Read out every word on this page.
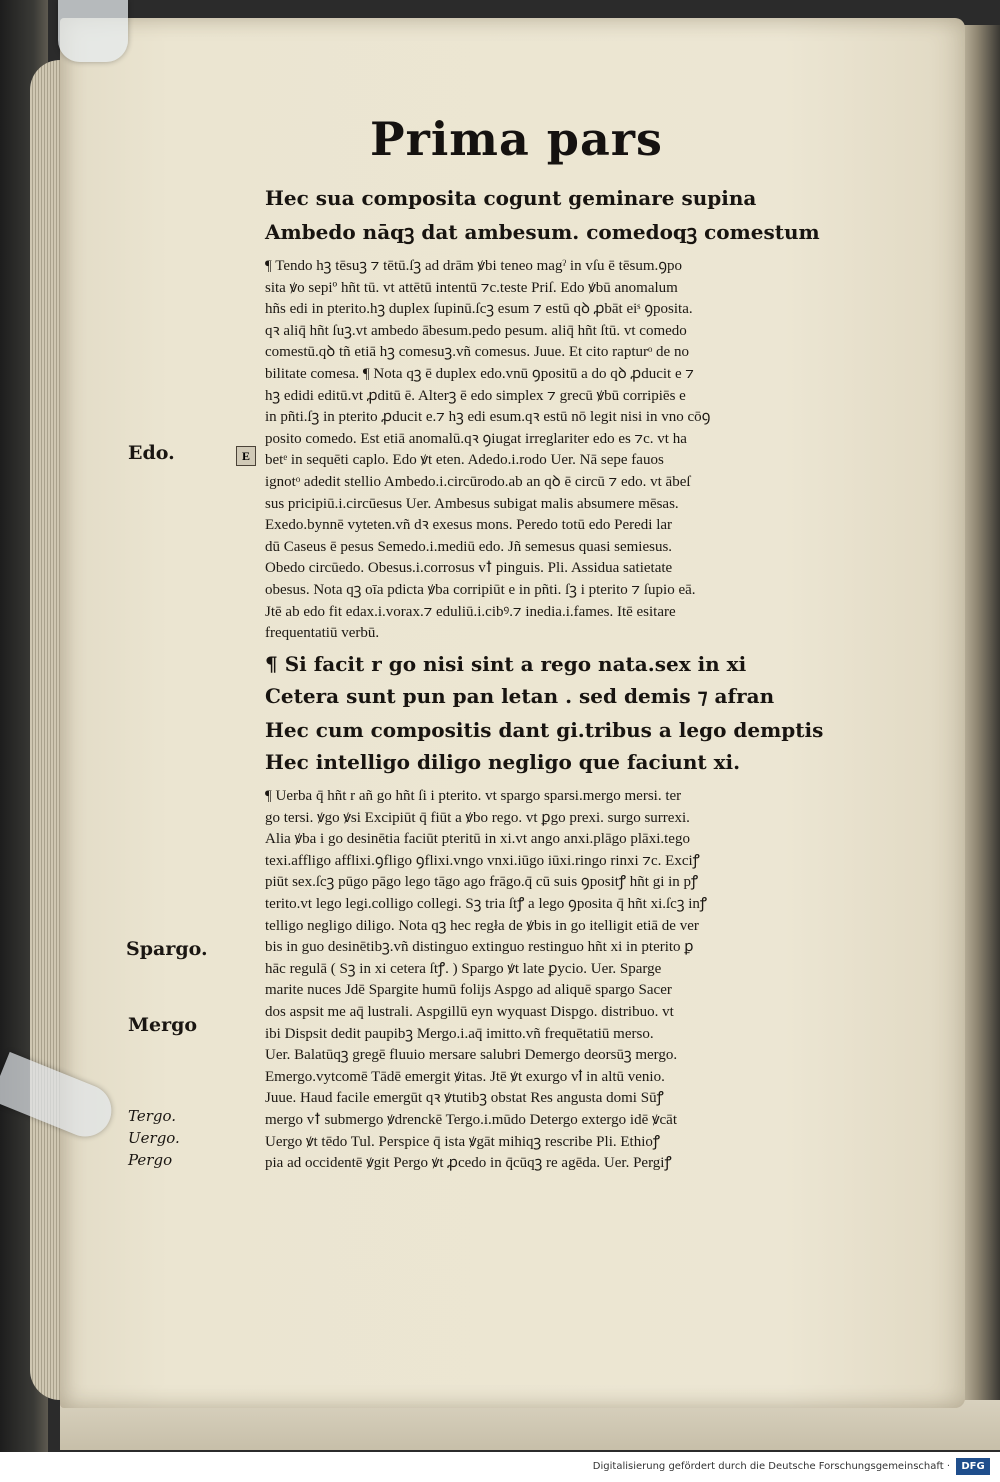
Prima pars
Hec sua composita cogunt geminare supina
Ambedo nāqꝫ dat ambesum. comedoqꝫ comestum
¶ Tendo hꝫ tēsuꝫ ⁊ tētū.ſꝫ ad drām ꝟbi teneo magˀ in vſu ē tēsum.ꝯpo
sita ꝟo sepiº hñt tū. vt attētū intentū ⁊c.teste Priſ. Edo ꝟbū anomalum
hñs edi in pterito.hꝫ duplex ſupinū.ſcꝫ esum ⁊ estū qꝺ ꝓbāt eiˢ ꝯposita.
qꝛ aliq̄ hñt ſuꝫ.vt ambedo ābesum.pedo pesum. aliq̄ hñt ſtū. vt comedo
comestū.qꝺ tñ etiā hꝫ comesuꝫ.vñ comesus. Juue. Et cito rapturᵒ de no
bilitate comesa. ¶ Nota qꝫ ē duplex edo.vnū ꝯpositū a do qꝺ ꝓducit e ⁊
hꝫ edidi editū.vt ꝓditū ē. Alterꝫ ē edo simplex ⁊ grecū ꝟbū corripiēs e
in pñti.ſꝫ in pterito ꝓducit e.⁊ hꝫ edi esum.qꝛ estū nō legit nisi in vno cōꝯ
posito comedo. Est etiā anomalū.qꝛ ꝯiugat irreglariter edo es ⁊c. vt ha
betᵉ in sequēti caplo. Edo ꝟt eten. Adedo.i.rodo Uer. Nā sepe fauos
ignotᵒ adedit stellio Ambedo.i.circūrodo.ab an qꝺ ē circū ⁊ edo. vt ābeſ
sus pricipiū.i.circūesus Uer. Ambesus subigat malis absumere mēsas.
Exedo.bynnē vyteten.vñ dꝛ exesus mons. Peredo totū edo Peredi lar
dū Caseus ē pesus Semedo.i.mediū edo. Jñ semesus quasi semiesus.
Obedo circūedo. Obesus.i.corrosus vꝉ pinguis. Pli. Assidua satietate
obesus. Nota qꝫ oīa pdicta ꝟba corripiūt e in pñti. ſꝫ i pterito ⁊ ſupio eā.
Jtē ab edo fit edax.i.vorax.⁊ eduliū.i.cibꝰ.⁊ inedia.i.fames. Itē esitare
frequentatiū verbū.
¶ Si facit r go nisi sint a rego nata.sex in xi
Cetera sunt pun pan letan . sed demis ⁊ afran
Hec cum compositis dant gi.tribus a lego demptis
Hec intelligo diligo negligo que faciunt xi.
¶ Uerba q̄ hñt r añ go hñt ſi i pterito. vt spargo sparsi.mergo mersi. ter
go tersi. ꝟgo ꝟsi Excipiūt q̄ fiūt a ꝟbo rego. vt ꝑgo prexi. surgo surrexi.
Alia ꝟba i go desinētia faciūt pteritū in xi.vt ango anxi.plāgo plāxi.tego
texi.affligo afflixi.ꝯfligo ꝯflixi.vngo vnxi.iūgo iūxi.ringo rinxi ⁊c. Exciꝭ
piūt sex.ſcꝫ pūgo pāgo lego tāgo ago frāgo.q̄ cū suis ꝯpositꝭ hñt gi in pꝭ
terito.vt lego legi.colligo collegi. Sꝫ tria ſtꝭ a lego ꝯposita q̄ hñt xi.ſcꝫ inꝭ
telligo negligo diligo. Nota qꝫ hec regła de ꝟbis in go itelligit etiā de ver
bis in guo desinētibꝫ.vñ distinguo extinguo restinguo hñt xi in pterito ꝑ
hāc regulā ( Sꝫ in xi cetera ſtꝭ. ) Spargo ꝟt late ꝑycio. Uer. Sparge
marite nuces Jdē Spargite humū folijs Aspgo ad aliquē spargo Sacer
dos aspsit me aq̄ lustrali. Aspgillū eyn wyquast Dispgo. distribuo. vt
ibi Dispsit dedit paupibꝫ Mergo.i.aq̄ imitto.vñ frequētatiū merso.
Uer. Balatūqꝫ gregē fluuio mersare salubri Demergo deorsūꝫ mergo.
Emergo.vytcomē Tādē emergit ꝟitas. Jtē ꝟt exurgo vꝉ in altū venio.
Juue. Haud facile emergūt qꝛ ꝟtutibꝫ obstat Res angusta domi Sūꝭ
mergo vꝉ submergo ꝟdrenckē Tergo.i.mūdo Detergo extergo idē ꝟcāt
Uergo ꝟt tēdo Tul. Perspice q̄ ista ꝟgāt mihiqꝫ rescribe Pli. Ethioꝭ
pia ad occidentē ꝟgit Pergo ꝟt ꝓcedo in q̄cūqꝫ re agēda. Uer. Pergiꝭ
Edo.	E
Spargo.
Mergo
Tergo.
Uergo.
Pergo
Digitalisierung gefördert durch die Deutsche Forschungsgemeinschaft ·	DFG
